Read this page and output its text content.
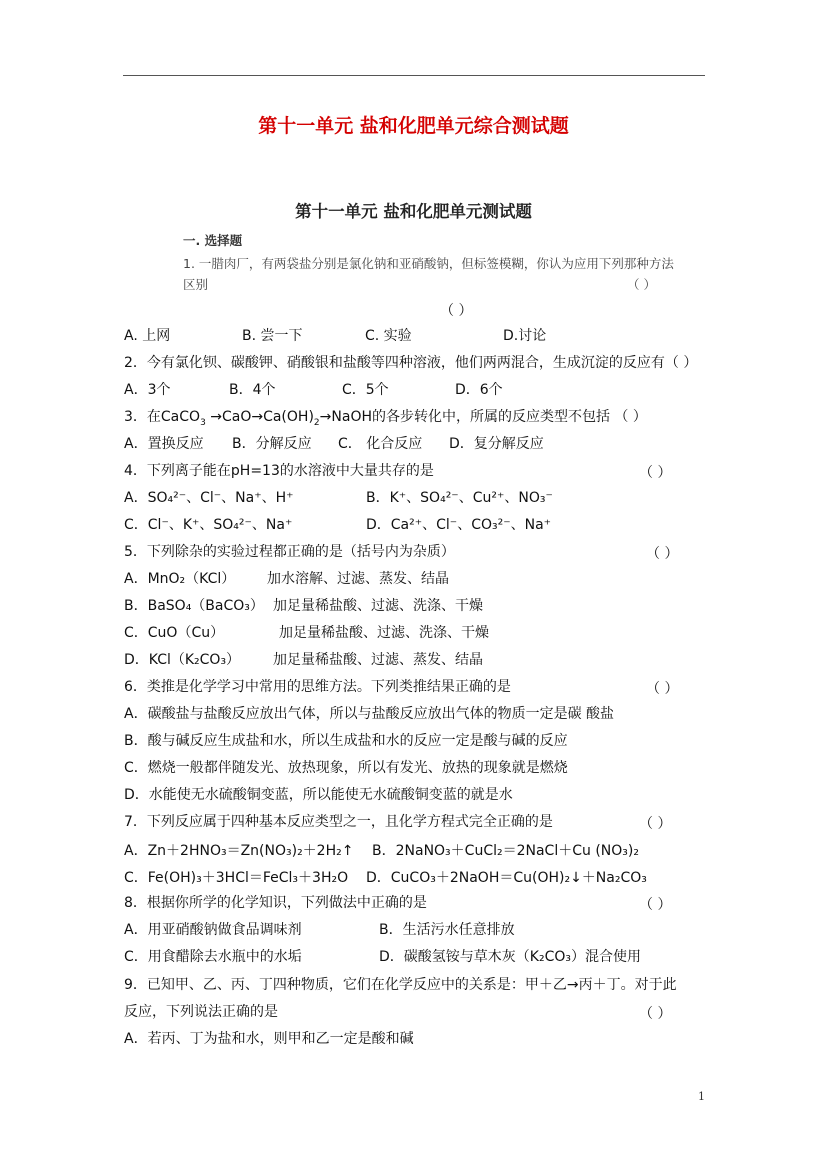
第十一单元 盐和化肥单元综合测试题
第十一单元 盐和化肥单元测试题
一. 选择题
1. 一腊肉厂，有两袋盐分别是氯化钠和亚硝酸钠，但标签模糊，你认为应用下列那种方法
区别	（ ）
（ ）
A. 上网	B. 尝一下	C. 实验	D.讨论
2．今有氯化钡、碳酸钾、硝酸银和盐酸等四种溶液，他们两两混合，生成沉淀的反应有（ ）
A．3个	B．4个	C．5个	D．6个
3．在CaCO$_3$ $\to CaO\to Ca(OH)_2\to NaOH$的各步转化中，所属的反应类型不包括 （ ）
A．置换反应 B．分解反应 C． 化合反应 D．复分解反应
4．下列离子能在pH=13的水溶液中大量共存的是	（ ）
A．SO₄²⁻、Cl⁻、Na⁺、H⁺	B．K⁺、SO₄²⁻、Cu²⁺、NO₃⁻
C．Cl⁻、K⁺、SO₄²⁻、Na⁺	D．Ca²⁺、Cl⁻、CO₃²⁻、Na⁺
5．下列除杂的实验过程都正确的是（括号内为杂质）	（ ）
A．MnO₂（KCl） 加水溶解、过滤、蒸发、结晶
B．BaSO₄（BaCO₃） 加足量稀盐酸、过滤、洗涤、干燥
C．CuO（Cu）	加足量稀盐酸、过滤、洗涤、干燥
D．KCl（K₂CO₃） 加足量稀盐酸、过滤、蒸发、结晶
6．类推是化学学习中常用的思维方法。下列类推结果正确的是	（ ）
A．碳酸盐与盐酸反应放出气体，所以与盐酸反应放出气体的物质一定是碳 酸盐
B．酸与碱反应生成盐和水，所以生成盐和水的反应一定是酸与碱的反应
C．燃烧一般都伴随发光、放热现象，所以有发光、放热的现象就是燃烧
D．水能使无水硫酸铜变蓝，所以能使无水硫酸铜变蓝的就是水
7．下列反应属于四种基本反应类型之一，且化学方程式完全正确的是	（ ）
A．Zn＋2HNO₃＝Zn(NO₃)₂＋2H₂↑ B．2NaNO₃＋CuCl₂＝2NaCl＋Cu (NO₃)₂
C．Fe(OH)₃＋3HCl＝FeCl₃＋3H₂O D．CuCO₃＋2NaOH＝Cu(OH)₂↓＋Na₂CO₃
8．根据你所学的化学知识，下列做法中正确的是	（ ）
A．用亚硝酸钠做食品调味剂	B．生活污水任意排放
C．用食醋除去水瓶中的水垢	D．碳酸氢铵与草木灰（K₂CO₃）混合使用
9．已知甲、乙、丙、丁四种物质，它们在化学反应中的关系是：甲＋乙→丙＋丁。对于此
反应，下列说法正确的是	（ ）
A．若丙、丁为盐和水，则甲和乙一定是酸和碱
1
